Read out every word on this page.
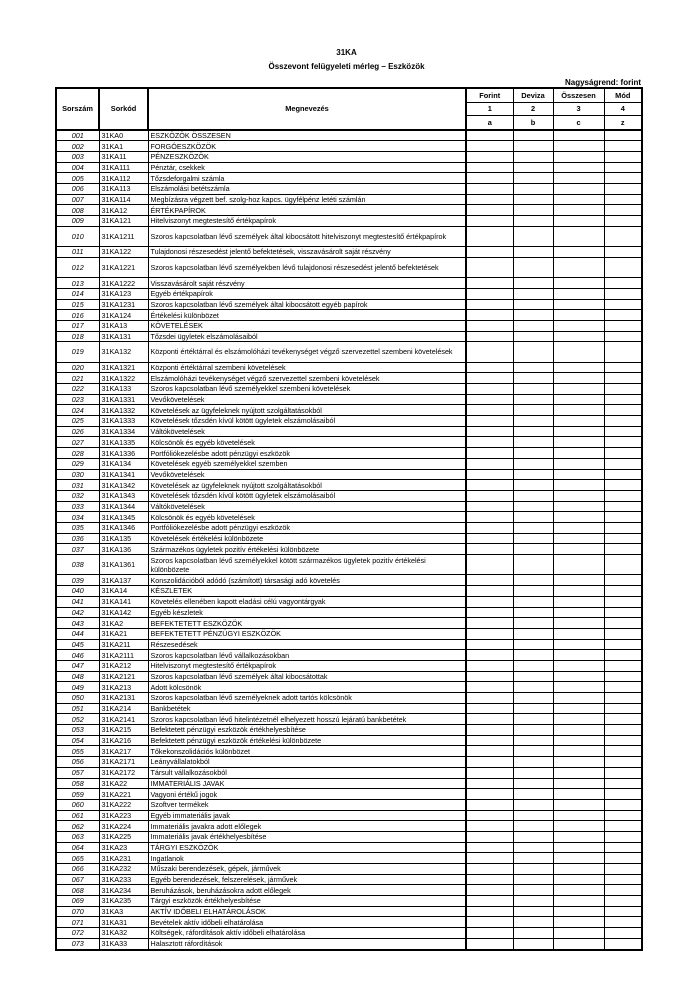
31KA
Összevont felügyeleti mérleg – Eszközök
Nagyságrend: forint
Sorszám	Sorkód	Megnevezés	Forint	Deviza	Összesen	Mód
			1	2	3	4
			a	b	c	z
001	31KA0	ESZKÖZÖK ÖSSZESEN				
002	31KA1	FORGÓESZKÖZÖK				
003	31KA11	PÉNZESZKÖZÖK				
004	31KA111	Pénztár, csekkek				
005	31KA112	Tőzsdeforgalmi számla				
006	31KA113	Elszámolási betétszámla				
007	31KA114	Megbízásra végzett bef. szolg-hoz kapcs. ügyfélpénz letéti számlán				
008	31KA12	ÉRTÉKPAPÍROK				
009	31KA121	Hitelviszonyt megtestesítő értékpapírok				
010	31KA1211	Szoros kapcsolatban lévő személyek által kibocsátott hitelviszonyt megtestesítő értékpapírok				
011	31KA122	Tulajdonosi részesedést jelentő befektetések, visszavásárolt saját részvény				
012	31KA1221	Szoros kapcsolatban lévő személyekben lévő tulajdonosi részesedést jelentő befektetések				
013	31KA1222	Visszavásárolt saját részvény				
014	31KA123	Egyéb értékpapírok				
015	31KA1231	Szoros kapcsolatban lévő személyek által kibocsátott egyéb papírok				
016	31KA124	Értékelési különbözet				
017	31KA13	KÖVETELÉSEK				
018	31KA131	Tőzsdei ügyletek elszámolásaiból				
019	31KA132	Központi értéktárral és elszámolóházi tevékenységet végző szervezettel szembeni követelések				
020	31KA1321	Központi értéktárral szembeni követelések				
021	31KA1322	Elszámolóházi tevékenységet végző szervezettel szembeni követelések				
022	31KA133	Szoros kapcsolatban lévő személyekkel szembeni követelések				
023	31KA1331	Vevőkövetelések				
024	31KA1332	Követelések az ügyfeleknek nyújtott szolgáltatásokból				
025	31KA1333	Követelések tőzsdén kívül kötött ügyletek elszámolásaiból				
026	31KA1334	Váltókövetelések				
027	31KA1335	Kölcsönök és egyéb követelések				
028	31KA1336	Portfóliókezelésbe adott pénzügyi eszközök				
029	31KA134	Követelések egyéb személyekkel szemben				
030	31KA1341	Vevőkövetelések				
031	31KA1342	Követelések az ügyfeleknek nyújtott szolgáltatásokból				
032	31KA1343	Követelések tőzsdén kívül kötött ügyletek elszámolásaiból				
033	31KA1344	Váltókövetelések				
034	31KA1345	Kölcsönök és egyéb követelések				
035	31KA1346	Portfóliókezelésbe adott pénzügyi eszközök				
036	31KA135	Követelések értékelési különbözete				
037	31KA136	Származékos ügyletek pozitív értékelési különbözete				
038	31KA1361	Szoros kapcsolatban lévő személyekkel kötött származékos ügyletek pozitív értékelési különbözete				
039	31KA137	Konszolidációból adódó (számított) társasági adó követelés				
040	31KA14	KÉSZLETEK				
041	31KA141	Követelés ellenében kapott eladási célú vagyontárgyak				
042	31KA142	Egyéb készletek				
043	31KA2	BEFEKTETETT ESZKÖZÖK				
044	31KA21	BEFEKTETETT PÉNZÜGYI ESZKÖZÖK				
045	31KA211	Részesedések				
046	31KA2111	Szoros kapcsolatban lévő vállalkozásokban				
047	31KA212	Hitelviszonyt megtestesítő értékpapírok				
048	31KA2121	Szoros kapcsolatban lévő személyek által kibocsátottak				
049	31KA213	Adott kölcsönök				
050	31KA2131	Szoros kapcsolatban lévő személyeknek adott tartós kölcsönök				
051	31KA214	Bankbetétek				
052	31KA2141	Szoros kapcsolatban lévő hitelintézetnél elhelyezett hosszú lejáratú bankbetétek				
053	31KA215	Befektetett pénzügyi eszközök értékhelyesbítése				
054	31KA216	Befektetett pénzügyi eszközök értékelési különbözete				
055	31KA217	Tőkekonszolidációs különbözet				
056	31KA2171	Leányvállalatokból				
057	31KA2172	Társult vállalkozásokból				
058	31KA22	IMMATERIÁLIS JAVAK				
059	31KA221	Vagyoni értékű jogok				
060	31KA222	Szoftver termékek				
061	31KA223	Egyéb immateriális javak				
062	31KA224	Immateriális javakra adott előlegek				
063	31KA225	Immateriális javak értékhelyesbítése				
064	31KA23	TÁRGYI ESZKÖZÖK				
065	31KA231	Ingatlanok				
066	31KA232	Műszaki berendezések, gépek, járművek				
067	31KA233	Egyéb berendezések, felszerelések, járművek				
068	31KA234	Beruházások, beruházásokra adott előlegek				
069	31KA235	Tárgyi eszközök értékhelyesbítése				
070	31KA3	AKTÍV IDŐBELI ELHATÁROLÁSOK				
071	31KA31	Bevételek aktív időbeli elhatárolása				
072	31KA32	Költségek, ráfordítások aktív időbeli elhatárolása				
073	31KA33	Halasztott ráfordítások				
